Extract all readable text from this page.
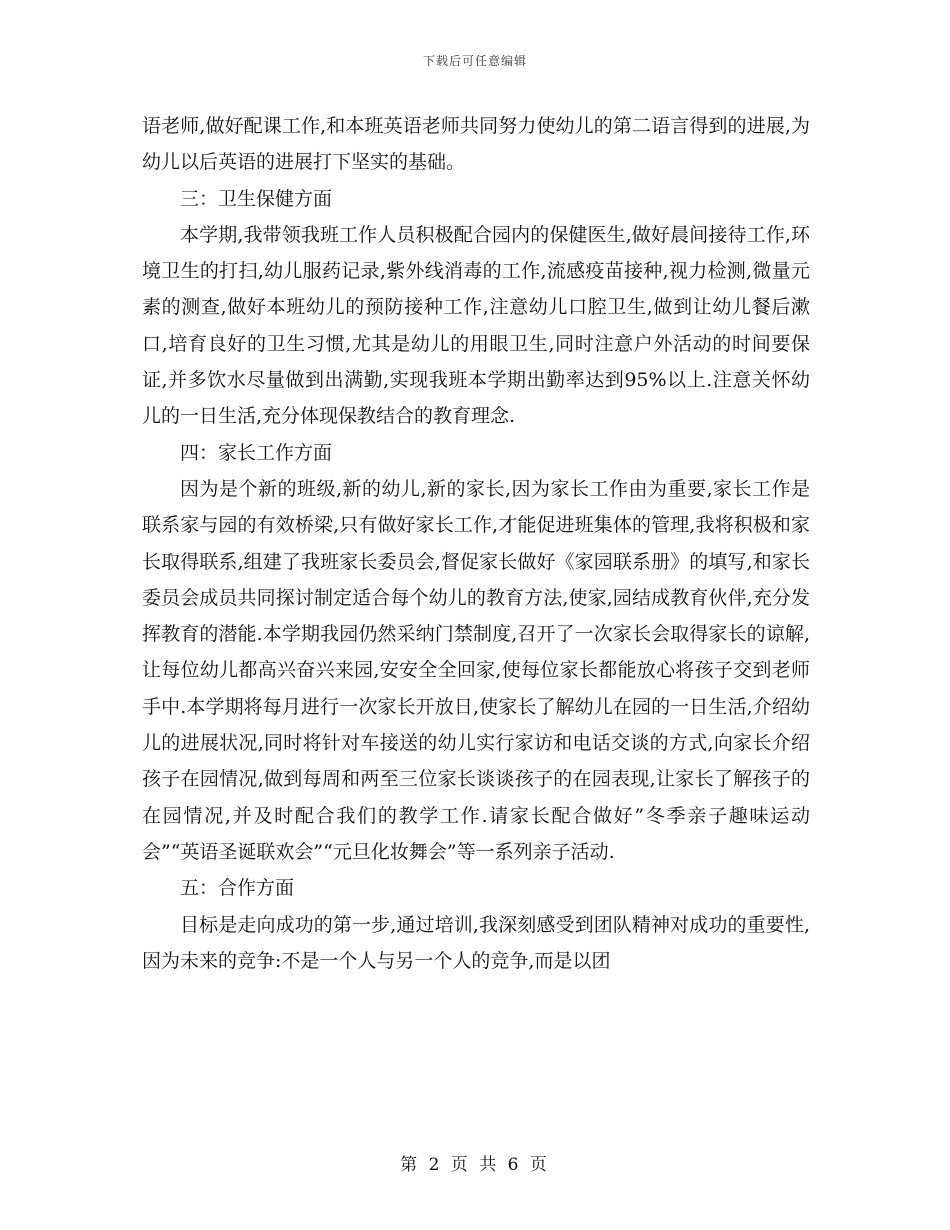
下载后可任意编辑

语老师,做好配课工作,和本班英语老师共同努力使幼儿的第二语言得到的进展,为幼儿以后英语的进展打下坚实的基础。

三：卫生保健方面

本学期,我带领我班工作人员积极配合园内的保健医生,做好晨间接待工作,环境卫生的打扫,幼儿服药记录,紫外线消毒的工作,流感疫苗接种,视力检测,微量元素的测查,做好本班幼儿的预防接种工作,注意幼儿口腔卫生,做到让幼儿餐后漱口,培育良好的卫生习惯,尤其是幼儿的用眼卫生,同时注意户外活动的时间要保证,并多饮水尽量做到出满勤,实现我班本学期出勤率达到95%以上.注意关怀幼儿的一日生活,充分体现保教结合的教育理念.

四：家长工作方面

因为是个新的班级,新的幼儿,新的家长,因为家长工作由为重要,家长工作是联系家与园的有效桥梁,只有做好家长工作,才能促进班集体的管理,我将积极和家长取得联系,组建了我班家长委员会,督促家长做好《家园联系册》的填写,和家长委员会成员共同探讨制定适合每个幼儿的教育方法,使家,园结成教育伙伴,充分发挥教育的潜能.本学期我园仍然采纳门禁制度,召开了一次家长会取得家长的谅解,让每位幼儿都高兴奋兴来园,安安全全回家,使每位家长都能放心将孩子交到老师手中.本学期将每月进行一次家长开放日,使家长了解幼儿在园的一日生活,介绍幼儿的进展状况,同时将针对车接送的幼儿实行家访和电话交谈的方式,向家长介绍孩子在园情况,做到每周和两至三位家长谈谈孩子的在园表现,让家长了解孩子的在园情况,并及时配合我们的教学工作.请家长配合做好”冬季亲子趣味运动会”“英语圣诞联欢会”“元旦化妆舞会”等一系列亲子活动.

五：合作方面

目标是走向成功的第一步,通过培训,我深刻感受到团队精神对成功的重要性,因为未来的竞争:不是一个人与另一个人的竞争,而是以团

第 2 页 共 6 页
